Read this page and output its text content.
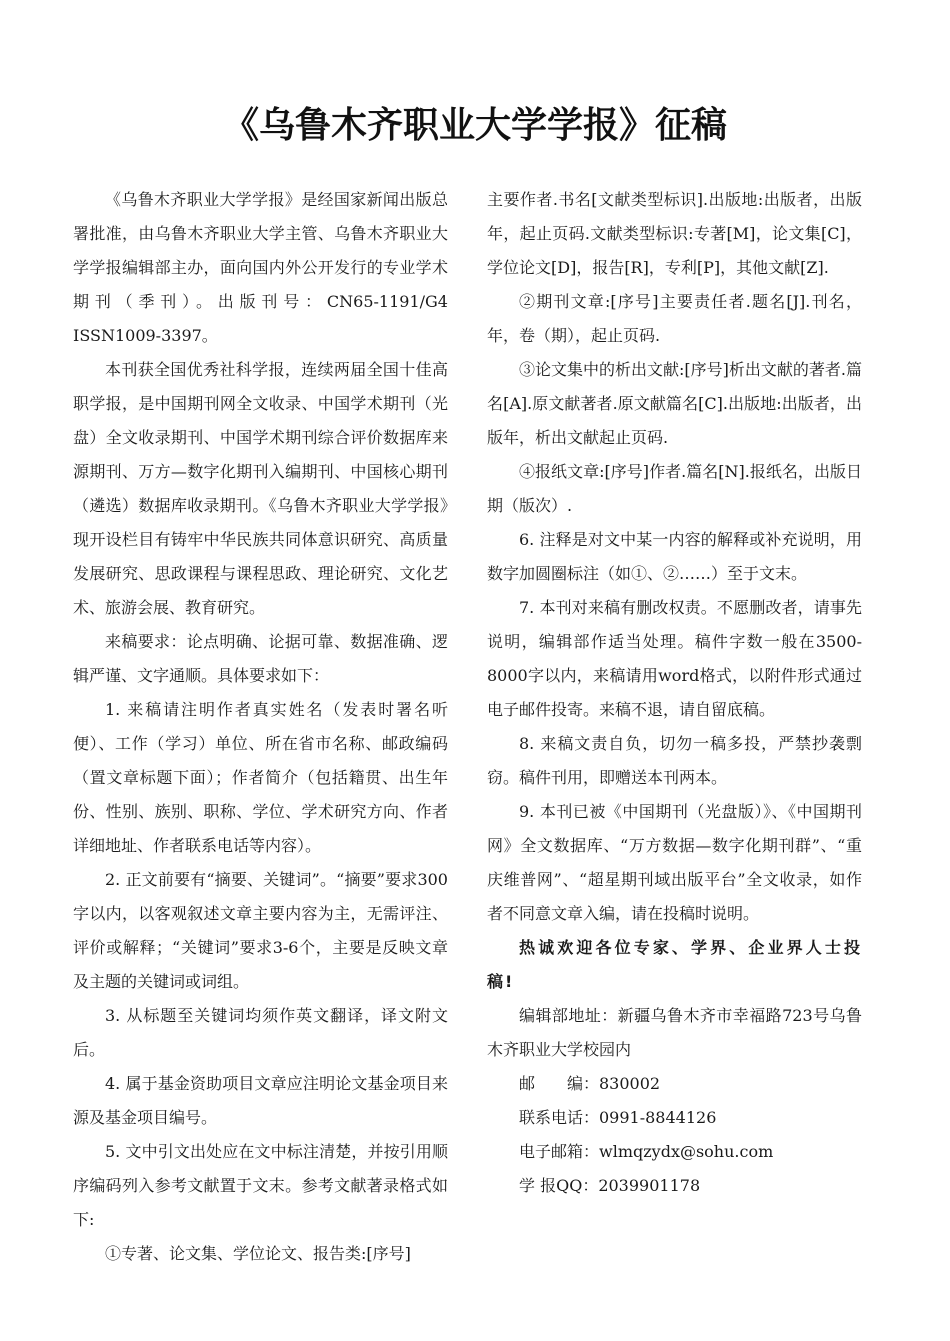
《乌鲁木齐职业大学学报》征稿

《乌鲁木齐职业大学学报》是经国家新闻出版总署批准，由乌鲁木齐职业大学主管、乌鲁木齐职业大学学报编辑部主办，面向国内外公开发行的专业学术期刊（季刊）。出版刊号：CN65-1191/G4 ISSN1009-3397。

本刊获全国优秀社科学报，连续两届全国十佳高职学报，是中国期刊网全文收录、中国学术期刊（光盘）全文收录期刊、中国学术期刊综合评价数据库来源期刊、万方—数字化期刊入编期刊、中国核心期刊（遴选）数据库收录期刊。《乌鲁木齐职业大学学报》现开设栏目有铸牢中华民族共同体意识研究、高质量发展研究、思政课程与课程思政、理论研究、文化艺术、旅游会展、教育研究。

来稿要求：论点明确、论据可靠、数据准确、逻辑严谨、文字通顺。具体要求如下：

1. 来稿请注明作者真实姓名（发表时署名听便）、工作（学习）单位、所在省市名称、邮政编码（置文章标题下面）；作者简介（包括籍贯、出生年份、性别、族别、职称、学位、学术研究方向、作者详细地址、作者联系电话等内容）。

2. 正文前要有“摘要、关键词”。“摘要”要求300字以内，以客观叙述文章主要内容为主，无需评注、评价或解释；“关键词”要求3-6个，主要是反映文章及主题的关键词或词组。

3. 从标题至关键词均须作英文翻译，译文附文后。

4. 属于基金资助项目文章应注明论文基金项目来源及基金项目编号。

5. 文中引文出处应在文中标注清楚，并按引用顺序编码列入参考文献置于文末。参考文献著录格式如下:

①专著、论文集、学位论文、报告类:[序号]

主要作者.书名[文献类型标识].出版地:出版者，出版年，起止页码.文献类型标识:专著[M]，论文集[C]，学位论文[D]，报告[R]，专利[P]，其他文献[Z].

②期刊文章:[序号]主要责任者.题名[J].刊名，年，卷（期），起止页码.

③论文集中的析出文献:[序号]析出文献的著者.篇名[A].原文献著者.原文献篇名[C].出版地:出版者，出版年，析出文献起止页码.

④报纸文章:[序号]作者.篇名[N].报纸名，出版日期（版次）.

6. 注释是对文中某一内容的解释或补充说明，用数字加圆圈标注（如①、②……）至于文末。

7. 本刊对来稿有删改权责。不愿删改者，请事先说明，编辑部作适当处理。稿件字数一般在3500-8000字以内，来稿请用word格式，以附件形式通过电子邮件投寄。来稿不退，请自留底稿。

8. 来稿文责自负，切勿一稿多投，严禁抄袭剽窃。稿件刊用，即赠送本刊两本。

9. 本刊已被《中国期刊（光盘版）》、《中国期刊网》全文数据库、“万方数据—数字化期刊群”、“重庆维普网”、“超星期刊域出版平台”全文收录，如作者不同意文章入编，请在投稿时说明。

热诚欢迎各位专家、学界、企业界人士投稿!

编辑部地址：新疆乌鲁木齐市幸福路723号乌鲁木齐职业大学校园内

邮　　编：830002

联系电话：0991-8844126

电子邮箱：wlmqzydx@sohu.com

学 报QQ：2039901178
